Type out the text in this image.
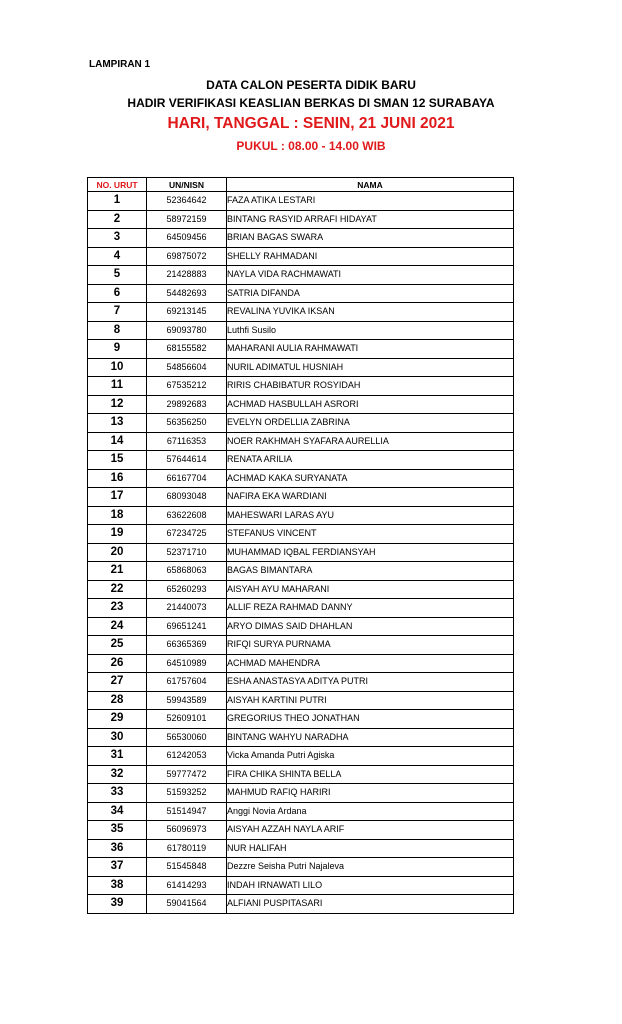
LAMPIRAN 1
DATA CALON PESERTA DIDIK BARU
HADIR VERIFIKASI KEASLIAN BERKAS DI SMAN 12 SURABAYA
HARI, TANGGAL : SENIN, 21 JUNI 2021
PUKUL : 08.00 - 14.00 WIB
NO. URUT	UN/NISN	NAMA
1	52364642	FAZA ATIKA LESTARI
2	58972159	BINTANG RASYID ARRAFI HIDAYAT
3	64509456	BRIAN BAGAS SWARA
4	69875072	SHELLY RAHMADANI
5	21428883	NAYLA VIDA RACHMAWATI
6	54482693	SATRIA DIFANDA
7	69213145	REVALINA YUVIKA IKSAN
8	69093780	Luthfi Susilo
9	68155582	MAHARANI AULIA RAHMAWATI
10	54856604	NURIL ADIMATUL HUSNIAH
11	67535212	RIRIS CHABIBATUR ROSYIDAH
12	29892683	ACHMAD HASBULLAH ASRORI
13	56356250	EVELYN ORDELLIA ZABRINA
14	67116353	NOER RAKHMAH SYAFARA AURELLIA
15	57644614	RENATA ARILIA
16	66167704	ACHMAD KAKA SURYANATA
17	68093048	NAFIRA EKA WARDIANI
18	63622608	MAHESWARI LARAS AYU
19	67234725	STEFANUS VINCENT
20	52371710	MUHAMMAD IQBAL FERDIANSYAH
21	65868063	BAGAS BIMANTARA
22	65260293	AISYAH AYU MAHARANI
23	21440073	ALLIF REZA RAHMAD DANNY
24	69651241	ARYO DIMAS SAID DHAHLAN
25	66365369	RIFQI SURYA PURNAMA
26	64510989	ACHMAD MAHENDRA
27	61757604	ESHA ANASTASYA ADITYA PUTRI
28	59943589	AISYAH KARTINI PUTRI
29	52609101	GREGORIUS THEO JONATHAN
30	56530060	BINTANG WAHYU NARADHA
31	61242053	Vicka Amanda Putri Agiska
32	59777472	FIRA CHIKA SHINTA BELLA
33	51593252	MAHMUD RAFIQ HARIRI
34	51514947	Anggi Novia Ardana
35	56096973	AISYAH AZZAH NAYLA ARIF
36	61780119	NUR HALIFAH
37	51545848	Dezzre Seisha Putri Najaleva
38	61414293	INDAH IRNAWATI LILO
39	59041564	ALFIANI PUSPITASARI
